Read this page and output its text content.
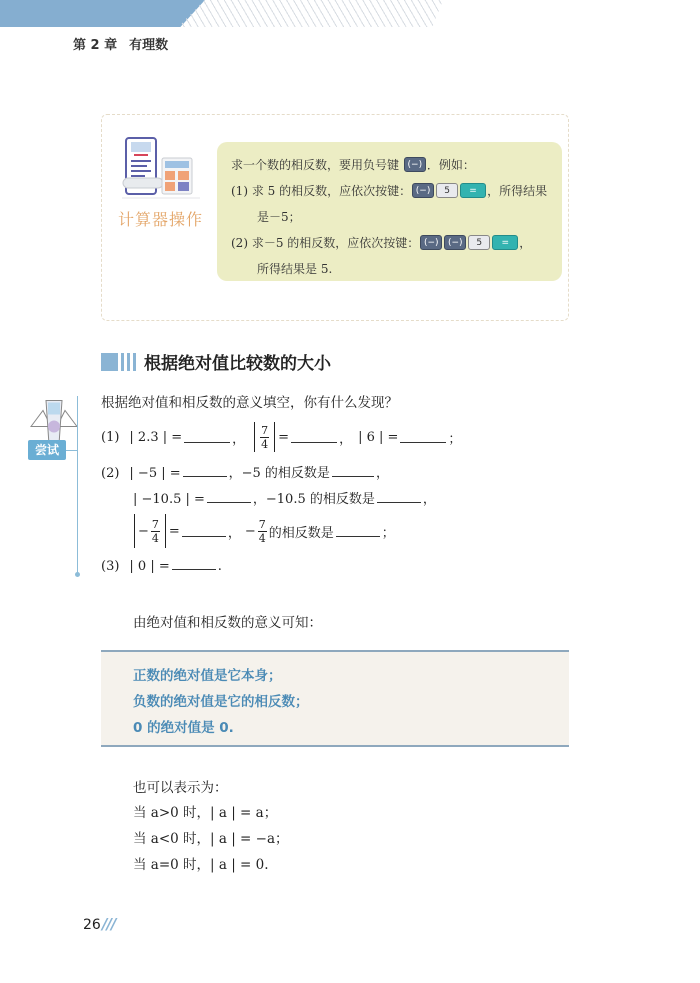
第 2 章 有理数
计算器操作
求一个数的相反数，要用负号键 (−) ．例如：
(1) 求 5 的相反数，应依次按键： (−) 5 = ，所得结果
是－5；
(2) 求－5 的相反数，应依次按键： (−) (−) 5 = ，
所得结果是 5.
根据绝对值比较数的大小
尝试
根据绝对值和相反数的意义填空，你有什么发现？
(1) | 2.3 | =	， $\frac{7}{4}$ =	， | 6 | =	；
(2) | −5 | =	，−5 的相反数是	，
| −10.5 | =	，−10.5 的相反数是	，
− $\frac{7}{4}$ =	， − $\frac{7}{4}$ 的相反数是	；
(3) | 0 | =	.
由绝对值和相反数的意义可知：
正数的绝对值是它本身；
负数的绝对值是它的相反数；
0 的绝对值是 0.
也可以表示为：
当 a>0 时，| a | = a；
当 a<0 时，| a | = −a；
当 a=0 时，| a | = 0.
26 ///
